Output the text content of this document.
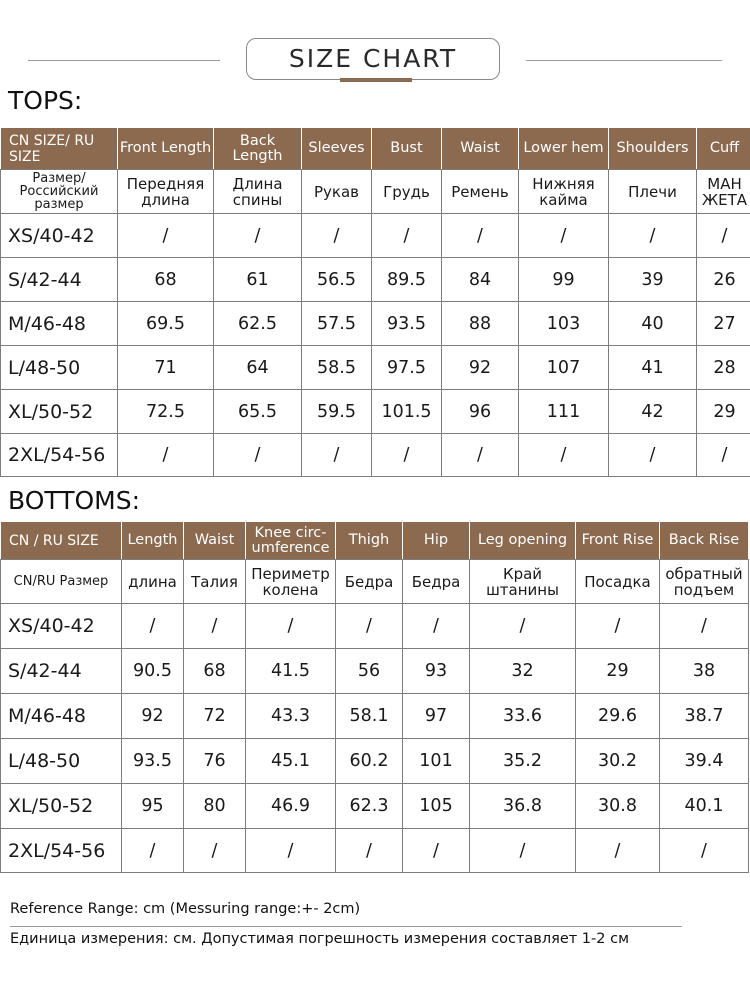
SIZE CHART
TOPS:
CN SIZE/ RU SIZE	Front Length	Back Length	Sleeves	Bust	Waist	Lower hem	Shoulders	Cuff
Размер/ Российский размер	Передняя длина	Длина спины	Рукав	Грудь	Ремень	Нижняя кайма	Плечи	МАН ЖЕТА
XS/40-42	/	/	/	/	/	/	/	/
S/42-44	68	61	56.5	89.5	84	99	39	26
M/46-48	69.5	62.5	57.5	93.5	88	103	40	27
L/48-50	71	64	58.5	97.5	92	107	41	28
XL/50-52	72.5	65.5	59.5	101.5	96	111	42	29
2XL/54-56	/	/	/	/	/	/	/	/
BOTTOMS:
CN / RU SIZE	Length	Waist	Knee circ- umference	Thigh	Hip	Leg opening	Front Rise	Back Rise
CN/RU Размер	длина	Талия	Периметр колена	Бедра	Бедра	Край штанины	Посадка	обратный подъем
XS/40-42	/	/	/	/	/	/	/	/
S/42-44	90.5	68	41.5	56	93	32	29	38
M/46-48	92	72	43.3	58.1	97	33.6	29.6	38.7
L/48-50	93.5	76	45.1	60.2	101	35.2	30.2	39.4
XL/50-52	95	80	46.9	62.3	105	36.8	30.8	40.1
2XL/54-56	/	/	/	/	/	/	/	/
Reference Range: cm (Messuring range:+- 2cm)
Единица измерения: см. Допустимая погрешность измерения составляет 1-2 см
